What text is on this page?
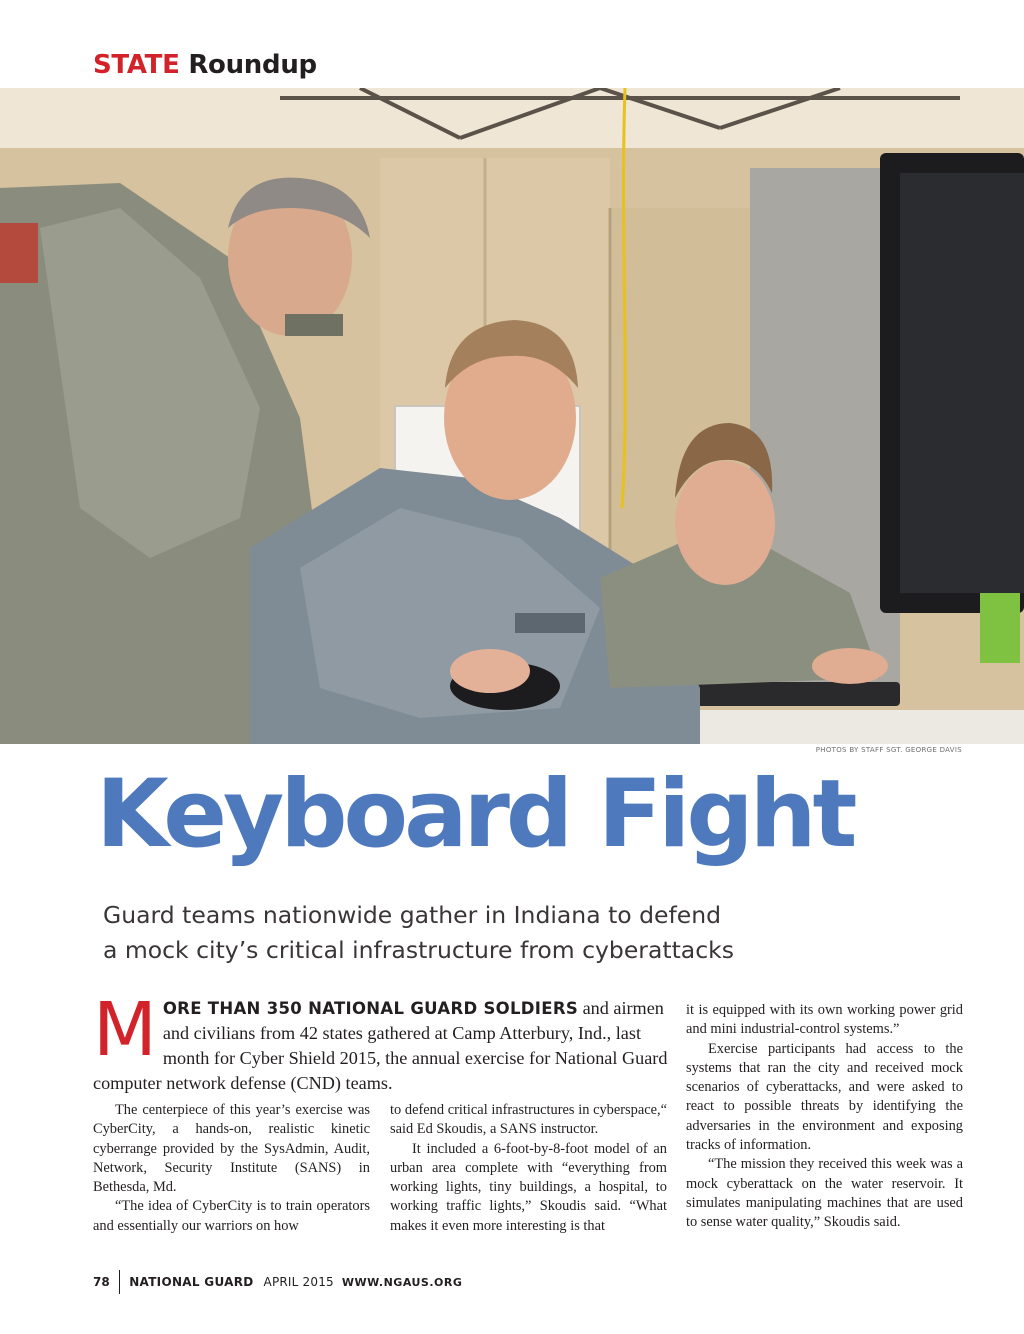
STATE Roundup
PHOTOS BY STAFF SGT. GEORGE DAVIS
Keyboard Fight
Guard teams nationwide gather in Indiana to defend
a mock city’s critical infrastructure from cyberattacks
MORE THAN 350 NATIONAL GUARD SOLDIERS and airmen and civilians from 42 states gathered at Camp Atterbury, Ind., last month for Cyber Shield 2015, the annual exercise for National Guard computer network defense (CND) teams.

The centerpiece of this year’s exercise was CyberCity, a hands-on, realistic kinetic cyberrange provided by the SysAdmin, Audit, Network, Security Institute (SANS) in Bethesda, Md.

“The idea of CyberCity is to train operators and essentially our warriors on how

to defend critical infrastructures in cyberspace,“ said Ed Skoudis, a SANS instructor.

It included a 6-foot-by-8-foot model of an urban area complete with “everything from working lights, tiny buildings, a hospital, to working traffic lights,” Skoudis said. “What makes it even more interesting is that

it is equipped with its own working power grid and mini industrial-control systems.”

Exercise participants had access to the systems that ran the city and received mock scenarios of cyberattacks, and were asked to react to possible threats by identifying the adversaries in the environment and exposing tracks of information.

“The mission they received this week was a mock cyberattack on the water reservoir. It simulates manipulating machines that are used to sense water quality,” Skoudis said.

78 NATIONAL GUARD APRIL 2015 WWW.NGAUS.ORG
